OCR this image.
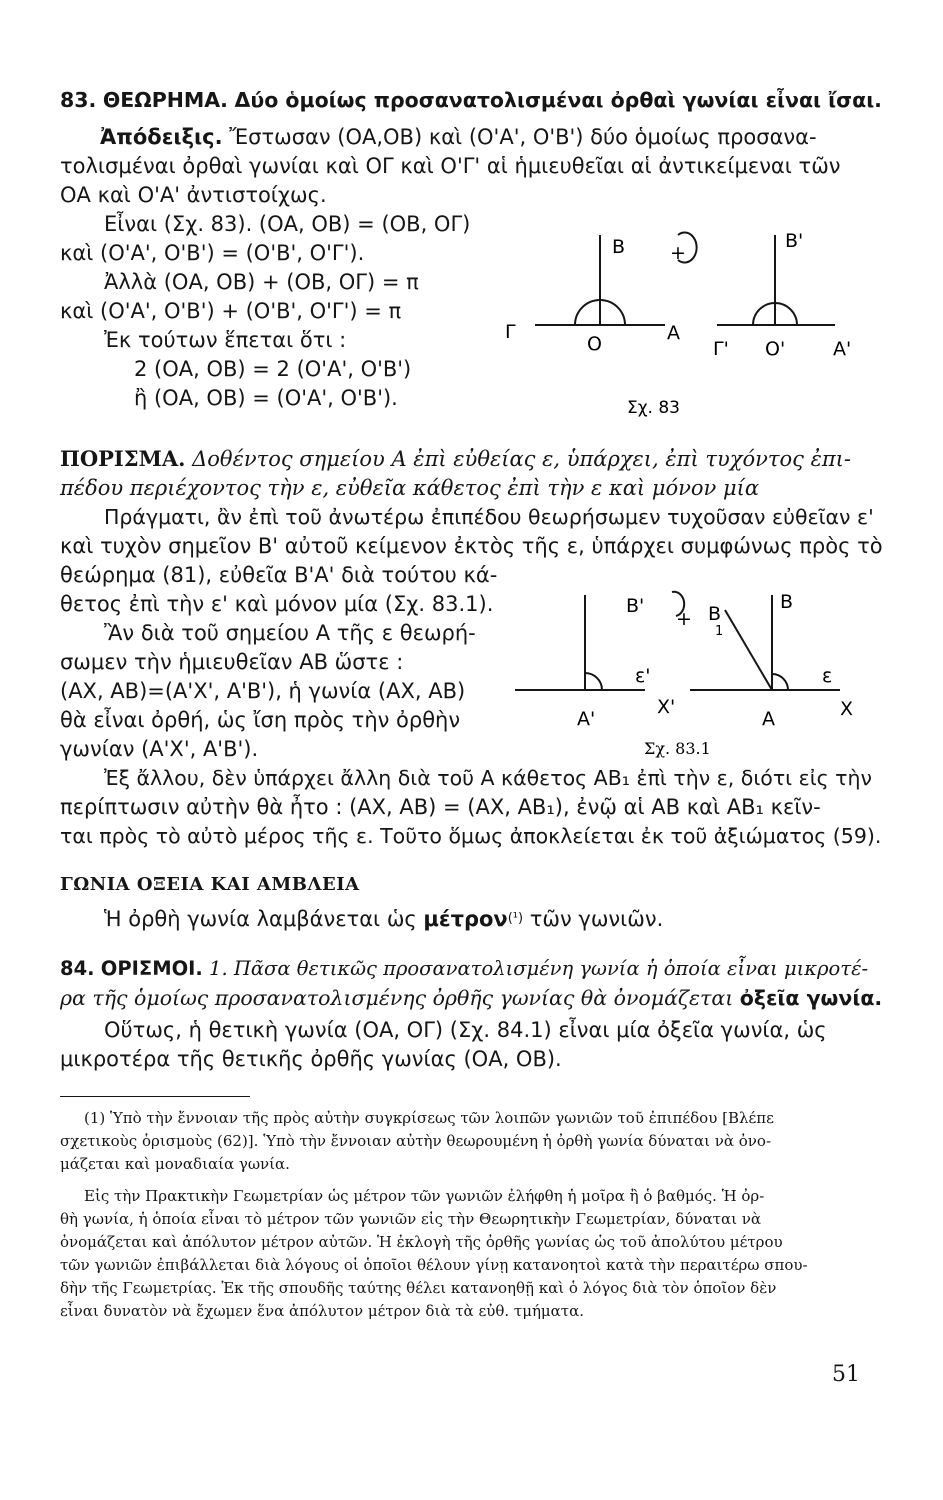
83. ΘΕΩΡΗΜΑ. Δύο ὁμοίως προσανατολισμέναι ὀρθαὶ γωνίαι εἶναι ἴσαι.
Ἀπόδειξις. Ἔστωσαν (ΟΑ,ΟΒ) καὶ (Ο'Α', Ο'Β') δύο ὁμοίως προσανα-
τολισμέναι ὀρθαὶ γωνίαι καὶ ΟΓ καὶ Ο'Γ' αἱ ἡμιευθεῖαι αἱ ἀντικείμεναι τῶν
ΟΑ καὶ Ο'Α' ἀντιστοίχως.
Εἶναι (Σχ. 83). (ΟΑ, ΟΒ) = (ΟΒ, ΟΓ)
καὶ (Ο'Α', Ο'Β') = (Ο'Β', Ο'Γ').
Ἀλλὰ (ΟΑ, ΟΒ) + (ΟΒ, ΟΓ) = π
καὶ (Ο'Α', Ο'Β') + (Ο'Β', Ο'Γ') = π
Ἐκ τούτων ἕπεται ὅτι :
2 (ΟΑ, ΟΒ) = 2 (Ο'Α', Ο'Β')
ἢ (ΟΑ, ΟΒ) = (Ο'Α', Ο'Β').
Β +
Β'
Γ
Ο	Α
Γ' Ο'	Α'
Σχ. 83
ΠΟΡΙΣΜΑ. Δοθέντος σημείου Α ἐπὶ εὐθείας ε, ὑπάρχει, ἐπὶ τυχόντος ἐπι-
πέδου περιέχοντος τὴν ε, εὐθεῖα κάθετος ἐπὶ τὴν ε καὶ μόνον μία
Πράγματι, ἂν ἐπὶ τοῦ ἀνωτέρω ἐπιπέδου θεωρήσωμεν τυχοῦσαν εὐθεῖαν ε'
καὶ τυχὸν σημεῖον Β' αὐτοῦ κείμενον ἐκτὸς τῆς ε, ὑπάρχει συμφώνως πρὸς τὸ
θεώρημα (81), εὐθεῖα Β'Α' διὰ τούτου κά-
θετος ἐπὶ τὴν ε' καὶ μόνον μία (Σχ. 83.1).
Ἂν διὰ τοῦ σημείου Α τῆς ε θεωρή-
σωμεν τὴν ἡμιευθεῖαν ΑΒ ὥστε :
(ΑΧ, ΑΒ)=(Α'Χ', Α'Β'), ἡ γωνία (ΑΧ, ΑΒ)
θὰ εἶναι ὀρθή, ὡς ἴση πρὸς τὴν ὀρθὴν
γωνίαν (Α'Χ', Α'Β').
Β'
+ Β
1
Β
ε'	ε
Α'
Χ'
Α	Χ
Σχ. 83.1
Ἐξ ἄλλου, δὲν ὑπάρχει ἄλλη διὰ τοῦ Α κάθετος ΑΒ₁ ἐπὶ τὴν ε, διότι εἰς τὴν
περίπτωσιν αὐτὴν θὰ ἦτο : (ΑΧ, ΑΒ) = (ΑΧ, ΑΒ₁), ἐνῷ αἱ ΑΒ καὶ ΑΒ₁ κεῖν-
ται πρὸς τὸ αὐτὸ μέρος τῆς ε. Τοῦτο ὅμως ἀποκλείεται ἐκ τοῦ ἀξιώματος (59).
ΓΩΝΙΑ ΟΞΕΙΑ ΚΑΙ ΑΜΒΛΕΙΑ
Ἡ ὀρθὴ γωνία λαμβάνεται ὡς μέτρον$^{(^1)}$ τῶν γωνιῶν.
84. ΟΡΙΣΜΟΙ. 1. Πᾶσα θετικῶς προσανατολισμένη γωνία ἡ ὁποία εἶναι μικροτέ-
ρα τῆς ὁμοίως προσανατολισμένης ὀρθῆς γωνίας θὰ ὀνομάζεται ὀξεῖα γωνία.
Οὕτως, ἡ θετικὴ γωνία (ΟΑ, ΟΓ) (Σχ. 84.1) εἶναι μία ὀξεῖα γωνία, ὡς
μικροτέρα τῆς θετικῆς ὀρθῆς γωνίας (ΟΑ, ΟΒ).
(1) Ὑπὸ τὴν ἔννοιαν τῆς πρὸς αὐτὴν συγκρίσεως τῶν λοιπῶν γωνιῶν τοῦ ἐπιπέδου [Βλέπε
σχετικοὺς ὁρισμοὺς (62)]. Ὑπὸ τὴν ἔννοιαν αὐτὴν θεωρουμένη ἡ ὀρθὴ γωνία δύναται νὰ ὀνο-
μάζεται καὶ μοναδιαία γωνία.
Εἰς τὴν Πρακτικὴν Γεωμετρίαν ὡς μέτρον τῶν γωνιῶν ἐλήφθη ἡ μοῖρα ἢ ὁ βαθμός. Ἡ ὀρ-
θὴ γωνία, ἡ ὁποία εἶναι τὸ μέτρον τῶν γωνιῶν εἰς τὴν Θεωρητικὴν Γεωμετρίαν, δύναται νὰ
ὀνομάζεται καὶ ἀπόλυτον μέτρον αὐτῶν. Ἡ ἐκλογὴ τῆς ὀρθῆς γωνίας ὡς τοῦ ἀπολύτου μέτρου
τῶν γωνιῶν ἐπιβάλλεται διὰ λόγους οἱ ὁποῖοι θέλουν γίνῃ κατανοητοὶ κατὰ τὴν περαιτέρω σπου-
δὴν τῆς Γεωμετρίας. Ἐκ τῆς σπουδῆς ταύτης θέλει κατανοηθῇ καὶ ὁ λόγος διὰ τὸν ὁποῖον δὲν
εἶναι δυνατὸν νὰ ἔχωμεν ἕνα ἀπόλυτον μέτρον διὰ τὰ εὐθ. τμήματα.
51
